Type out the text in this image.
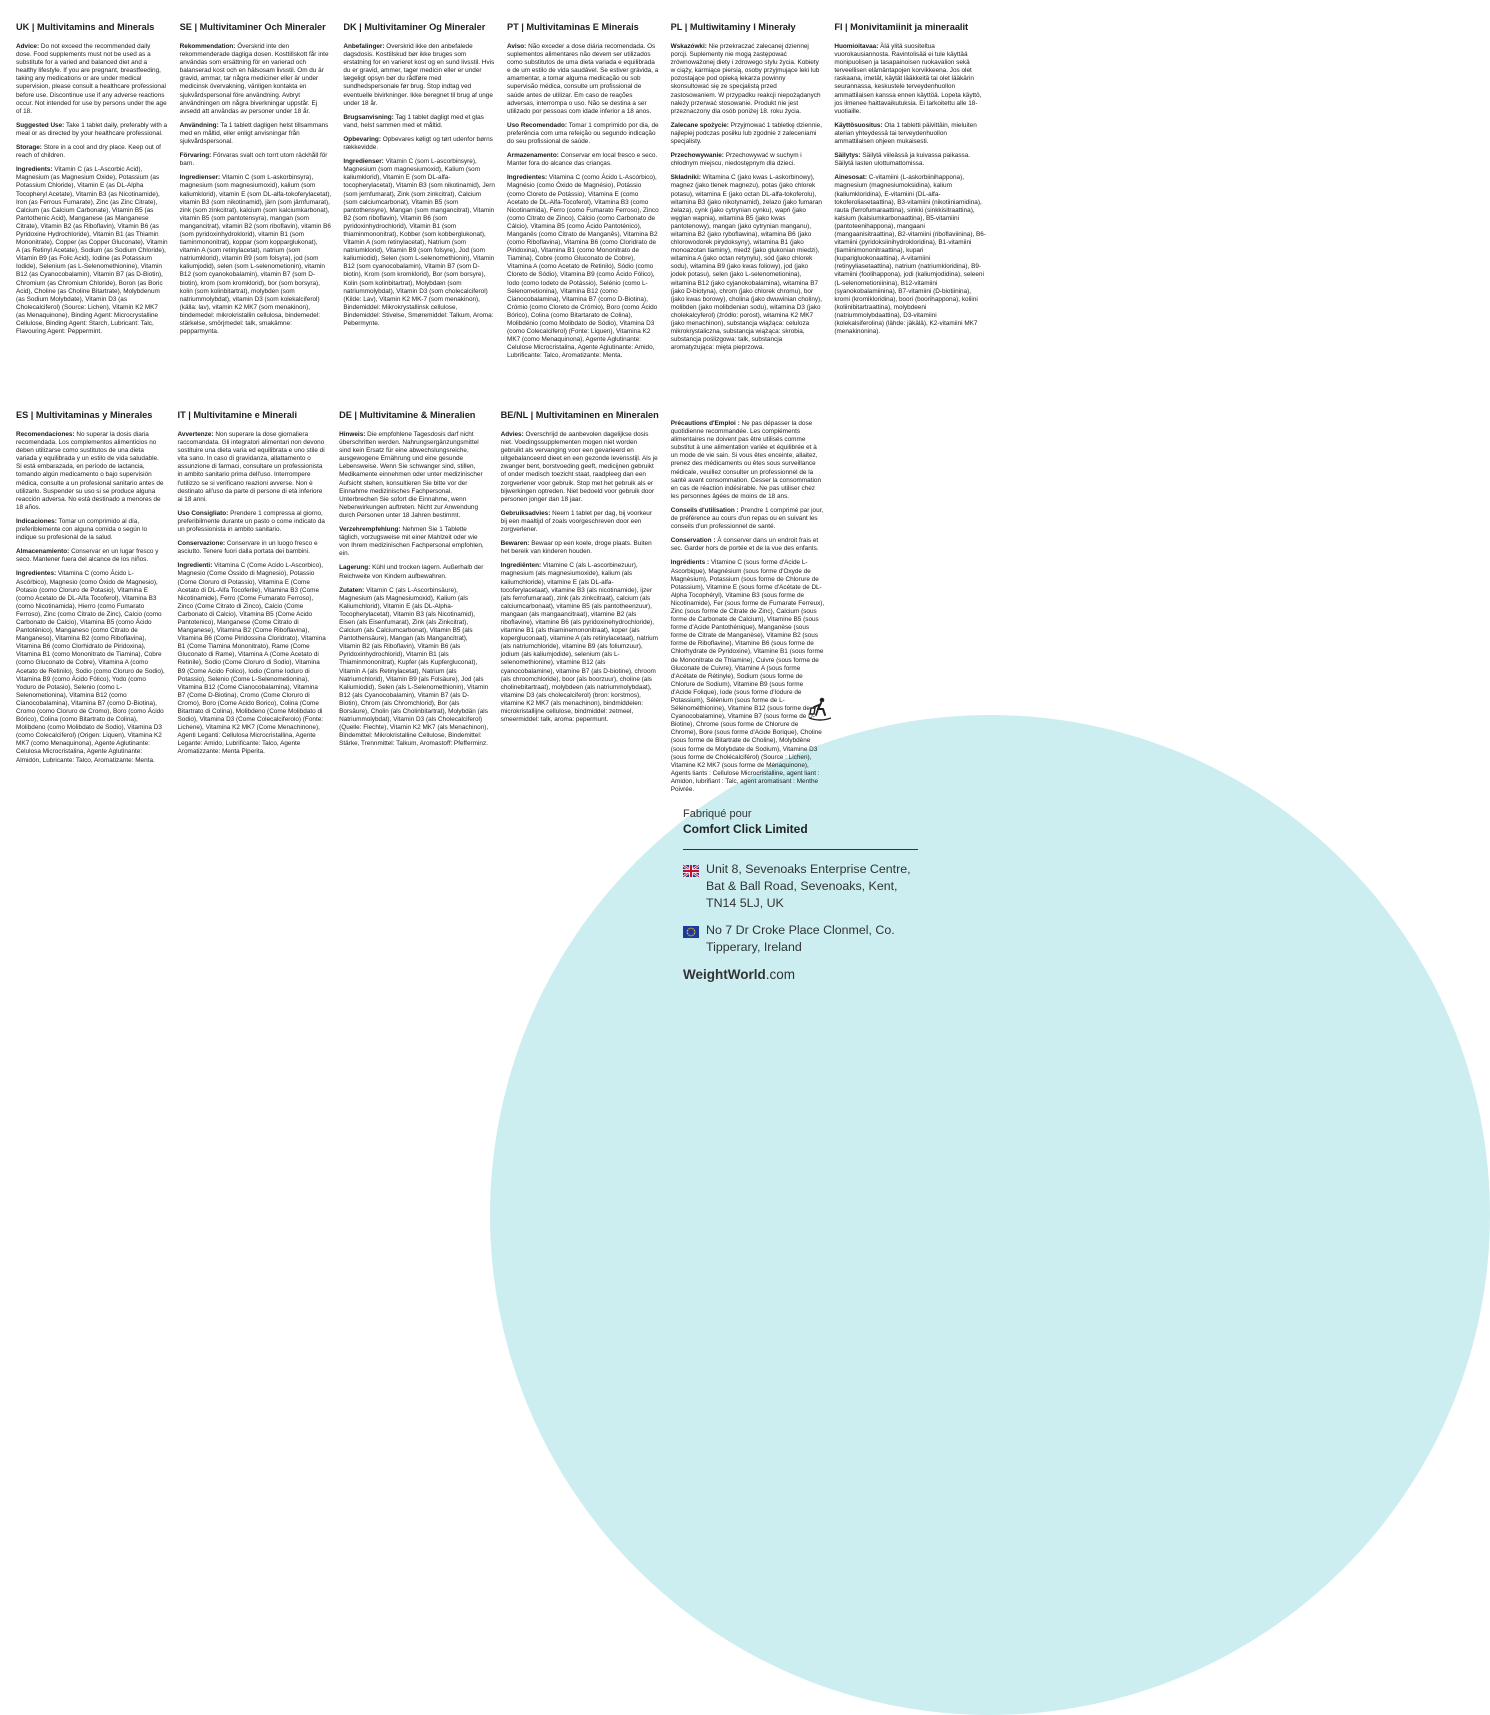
UK | Multivitamins and Minerals
Advice: Do not exceed the recommended daily dose. Food supplements must not be used as a substitute for a varied and balanced diet and a healthy lifestyle. If you are pregnant, breastfeeding, taking any medications or are under medical supervision, please consult a healthcare professional before use. Discontinue use if any adverse reactions occur. Not intended for use by persons under the age of 18.
Suggested Use: Take 1 tablet daily, preferably with a meal or as directed by your healthcare professional.
Storage: Store in a cool and dry place. Keep out of reach of children.
Ingredients: Vitamin C (as L-Ascorbic Acid), Magnesium (as Magnesium Oxide), Potassium (as Potassium Chloride), Vitamin E (as DL-Alpha Tocopheryl Acetate), Vitamin B3 (as Nicotinamide), Iron (as Ferrous Fumarate), Zinc (as Zinc Citrate), Calcium (as Calcium Carbonate), Vitamin B5 (as Pantothenic Acid), Manganese (as Manganese Citrate), Vitamin B2 (as Riboflavin), Vitamin B6 (as Pyridoxine Hydrochloride), Vitamin B1 (as Thiamin Mononitrate), Copper (as Copper Gluconate), Vitamin A (as Retinyl Acetate), Sodium (as Sodium Chloride), Vitamin B9 (as Folic Acid), Iodine (as Potassium Iodide), Selenium (as L-Selenomethionine), Vitamin B12 (as Cyanocobalamin), Vitamin B7 (as D-Biotin), Chromium (as Chromium Chloride), Boron (as Boric Acid), Choline (as Choline Bitartrate), Molybdenum (as Sodium Molybdate), Vitamin D3 (as Cholecalciferol) (Source: Lichen), Vitamin K2 MK7 (as Menaquinone), Binding Agent: Microcrystalline Cellulose, Binding Agent: Starch, Lubricant: Talc, Flavouring Agent: Peppermint.
SE | Multivitaminer Och Mineraler
Rekommendation: Överskrid inte den rekommenderade dagliga dosen. Kosttillskott får inte användas som ersättning för en varierad och balanserad kost och en hälsosam livsstil. Om du är gravid, ammar, tar några mediciner eller är under medicinsk övervakning, vänligen kontakta en sjukvårdspersonal före användning. Avbryt användningen om några biverkningar uppstår. Ej avsedd att användas av personer under 18 år.
Användning: Ta 1 tablett dagligen helst tillsammans med en måltid, eller enligt anvisningar från sjukvårdspersonal.
Förvaring: Förvaras svalt och torrt utom räckhåll för barn.
Ingredienser: Vitamin C (som L-askorbinsyra), magnesium (som magnesiumoxid), kalium (som kaliumklorid), vitamin E (som DL-alfa-tokoferylacetat), vitamin B3 (som nikotinamid), järn (som järnfumarat), zink (som zinkcitrat), kalcium (som kalciumkarbonat), vitamin B5 (som pantotensyra), mangan (som mangancitrat), vitamin B2 (som riboflavin), vitamin B6 (som pyridoxinhydroklorid), vitamin B1 (som tiaminmononitrat), koppar (som kopparglukonat), vitamin A (som retinylacetat), natrium (som natriumklorid), vitamin B9 (som folsyra), jod (som kaliumjodid), selen (som L-selenometionin), vitamin B12 (som cyanokobalamin), vitamin B7 (som D-biotin), krom (som kromklorid), bor (som borsyra), kolin (som kolinbitartrat), molybden (som natriummolybdat), vitamin D3 (som kolekalciferol) (källa: lav), vitamin K2 MK7 (som menakinon), bindemedel: mikrokristallin cellulosa, bindemedel: stärkelse, smörjmedel: talk, smakämne: pepparmynta.
DK | Multivitaminer Og Mineraler
Anbefalinger: Overskrid ikke den anbefalede dagsdosis. Kosttilskud bør ikke bruges som erstatning for en varieret kost og en sund livsstil. Hvis du er gravid, ammer, tager medicin eller er under lægeligt opsyn bør du rådføre med sundhedspersonale før brug. Stop indtag ved eventuelle bivirkninger. Ikke beregnet til brug af unge under 18 år.
Brugsanvisning: Tag 1 tablet dagligt med et glas vand, helst sammen med et måltid.
Opbevaring: Opbevares køligt og tørt udenfor børns rækkevidde.
Ingredienser: Vitamin C (som L-ascorbinsyre), Magnesium (som magnesiumoxid), Kalium (som kaliumklorid), Vitamin E (som DL-alfa-tocopherylacetat), Vitamin B3 (som nikotinamid), Jern (som jernfumarat), Zink (som zinkcitrat), Calcium (som calciumcarbonat), Vitamin B5 (som pantothensyre), Mangan (som mangancitrat), Vitamin B2 (som riboflavin), Vitamin B6 (som pyridoxinhydrochlorid), Vitamin B1 (som thiaminmononitrat), Kobber (som kobberglukonat), Vitamin A (som retinylacetat), Natrium (som natriumklorid), Vitamin B9 (som folsyre), Jod (som kaliumiodid), Selen (som L-selenomethionin), Vitamin B12 (som cyanocobalamin), Vitamin B7 (som D-biotin), Krom (som kromklorid), Bor (som borsyre), Kolin (som kolinbitartrat), Molybdæn (som natriummolybdat), Vitamin D3 (som cholecalciferol) (Kilde: Lav), Vitamin K2 MK-7 (som menakinon), Bindemiddel: Mikrokrystallinsk cellulose, Bindemiddel: Stivelse, Smøremiddel: Talkum, Aroma: Pebermynte.
PT | Multivitaminas E Minerais
Aviso: Não exceder a dose diária recomendada. Os suplementos alimentares não devem ser utilizados como substitutos de uma dieta variada e equilibrada e de um estilo de vida saudável. Se estiver grávida, a amamentar, a tomar alguma medicação ou sob supervisão médica, consulte um profissional de saúde antes de utilizar. Em caso de reações adversas, interrompa o uso. Não se destina a ser utilizado por pessoas com idade inferior a 18 anos.
Uso Recomendado: Tomar 1 comprimido por dia, de preferência com uma refeição ou segundo indicação do seu profissional de saúde.
Armazenamento: Conservar em local fresco e seco. Manter fora do alcance das crianças.
Ingredientes: Vitamina C (como Ácido L-Ascórbico), Magnésio (como Óxido de Magnésio), Potássio (como Cloreto de Potássio), Vitamina E (como Acetato de DL-Alfa-Tocoferol), Vitamina B3 (como Nicotinamida), Ferro (como Fumarato Ferroso), Zinco (como Citrato de Zinco), Cálcio (como Carbonato de Cálcio), Vitamina B5 (como Ácido Pantoténico), Manganês (como Citrato de Manganês), Vitamina B2 (como Riboflavina), Vitamina B6 (como Cloridrato de Piridoxina), Vitamina B1 (como Mononitrato de Tiamina), Cobre (como Gluconato de Cobre), Vitamina A (como Acetato de Retinilo), Sódio (como Cloreto de Sódio), Vitamina B9 (como Ácido Fólico), Iodo (como Iodeto de Potássio), Selénio (como L-Selenometionina), Vitamina B12 (como Cianocobalamina), Vitamina B7 (como D-Biotina), Crómio (como Cloreto de Crómio), Boro (como Ácido Bórico), Colina (como Bitartarato de Colina), Molibdénio (como Molibdato de Sódio), Vitamina D3 (como Colecalciferol) (Fonte: Líquen), Vitamina K2 MK7 (como Menaquinona), Agente Aglutinante: Celulose Microcristalina, Agente Aglutinante: Amido, Lubrificante: Talco, Aromatizante: Menta.
PL | Multiwitaminy I Minerały
Wskazówki: Nie przekraczać zalecanej dziennej porcji. Suplementy nie mogą zastępować zrównoważonej diety i zdrowego stylu życia. Kobiety w ciąży, karmiące piersią, osoby przyjmujące leki lub pozostające pod opieką lekarza powinny skonsultować się ze specjalistą przed zastosowaniem. W przypadku reakcji niepożądanych należy przerwać stosowanie. Produkt nie jest przeznaczony dla osób poniżej 18. roku życia.
Zalecane spożycie: Przyjmować 1 tabletkę dziennie, najlepiej podczas posiłku lub zgodnie z zaleceniami specjalisty.
Przechowywanie: Przechowywać w suchym i chłodnym miejscu, niedostępnym dla dzieci.
Składniki: Witamina C (jako kwas L-askorbinowy), magnez (jako tlenek magnezu), potas (jako chlorek potasu), witamina E (jako octan DL-alfa-tokoferolu), witamina B3 (jako nikotynamid), żelazo (jako fumaran żelaza), cynk (jako cytrynian cynku), wapń (jako węglan wapnia), witamina B5 (jako kwas pantotenowy), mangan (jako cytrynian manganu), witamina B2 (jako ryboflawina), witamina B6 (jako chlorowodorek pirydoksyny), witamina B1 (jako monoazotan tiaminy), miedź (jako glukonian miedzi), witamina A (jako octan retynylu), sód (jako chlorek sodu), witamina B9 (jako kwas foliowy), jod (jako jodek potasu), selen (jako L-selenometionina), witamina B12 (jako cyjanokobalamina), witamina B7 (jako D-biotyna), chrom (jako chlorek chromu), bor (jako kwas borowy), cholina (jako dwuwinian choliny), molibden (jako molibdenian sodu), witamina D3 (jako cholekalcyferol) (źródło: porost), witamina K2 MK7 (jako menachinon), substancja wiążąca: celuloza mikrokrystaliczna, substancja wiążąca: skrobia, substancja poślizgowa: talk, substancja aromatyzująca: mięta pieprzowa.
FI | Monivitamiinit ja mineraalit
Huomioitavaa: Älä ylitä suositeltua vuorokausiannosta. Ravintolisää ei tule käyttää monipuolisen ja tasapainoisen ruokavalion sekä terveellisen elämäntapojen korvikkeena. Jos olet raskaana, imetät, käytät lääkkeitä tai olet lääkärin seurannassa, keskustele terveydenhuollon ammattilaisen kanssa ennen käyttöä. Lopeta käyttö, jos ilmenee haittavaikutuksia. Ei tarkoitettu alle 18-vuotiaille.
Käyttösuositus: Ota 1 tabletti päivittäin, mieluiten aterian yhteydessä tai terveydenhuollon ammattilaisen ohjeen mukaisesti.
Säilytys: Säilytä viileässä ja kuivassa paikassa. Säilytä lasten ulottumattomissa.
Ainesosat: C-vitamiini (L-askorbiinihappona), magnesium (magnesiumoksidina), kalium (kaliumkloridina), E-vitamiini (DL-alfa-tokoferoliasetaattina), B3-vitamiini (nikotiiniamidina), rauta (ferrofumaraattina), sinkki (sinkkisitraattina), kalsium (kalsiumkarbonaattina), B5-vitamiini (pantoteenihappona), mangaani (mangaanisitraattina), B2-vitamiini (riboflaviinina), B6-vitamiini (pyridoksiinihydrokloridina), B1-vitamiini (tiamiinimononitraattina), kupari (kuparigluokonaattina), A-vitamiini (retinyyliasetaattina), natrium (natriumkloridina), B9-vitamiini (foolihappona), jodi (kaliumjodidina), seleeni (L-selenometioniinina), B12-vitamiini (syanokobalamiinina), B7-vitamiini (D-biotiinina), kromi (kromikloridina), boori (boorihappona), koliini (koliinibitartraattina), molybdeeni (natriummolybdaattina), D3-vitamiini (kolekalsiferolina) (lähde: jäkälä), K2-vitamiini MK7 (menakinonina).
ES | Multivitaminas y Minerales
Recomendaciones: No superar la dosis diaria recomendada. Los complementos alimenticios no deben utilizarse como sustitutos de una dieta variada y equilibrada y un estilo de vida saludable. Si está embarazada, en período de lactancia, tomando algún medicamento o bajo supervisión médica, consulte a un profesional sanitario antes de utilizarlo. Suspender su uso si se produce alguna reacción adversa. No está destinado a menores de 18 años.
Indicaciones: Tomar un comprimido al día, preferiblemente con alguna comida o según lo indique su profesional de la salud.
Almacenamiento: Conservar en un lugar fresco y seco. Mantener fuera del alcance de los niños.
Ingredientes: Vitamina C (como Ácido L-Ascórbico), Magnesio (como Óxido de Magnesio), Potasio (como Cloruro de Potasio), Vitamina E (como Acetato de DL-Alfa Tocoferol), Vitamina B3 (como Nicotinamida), Hierro (como Fumarato Ferroso), Zinc (como Citrato de Zinc), Calcio (como Carbonato de Calcio), Vitamina B5 (como Ácido Pantoténico), Manganeso (como Citrato de Manganeso), Vitamina B2 (como Riboflavina), Vitamina B6 (como Clorhidrato de Piridoxina), Vitamina B1 (como Mononitrato de Tiamina), Cobre (como Gluconato de Cobre), Vitamina A (como Acetato de Retinilo), Sodio (como Cloruro de Sodio), Vitamina B9 (como Ácido Fólico), Yodo (como Yoduro de Potasio), Selenio (como L-Selenometionina), Vitamina B12 (como Cianocobalamina), Vitamina B7 (como D-Biotina), Cromo (como Cloruro de Cromo), Boro (como Ácido Bórico), Colina (como Bitartrato de Colina), Molibdeno (como Molibdato de Sodio), Vitamina D3 (como Colecalciferol) (Origen: Liquen), Vitamina K2 MK7 (como Menaquinona), Agente Aglutinante: Celulosa Microcristalina, Agente Aglutinante: Almidón, Lubricante: Talco, Aromatizante: Menta.
IT | Multivitamine e Minerali
Avvertenze: Non superare la dose giornaliera raccomandata. Gli integratori alimentari non devono sostituire una dieta varia ed equilibrata e uno stile di vita sano. In caso di gravidanza, allattamento o assunzione di farmaci, consultare un professionista in ambito sanitario prima dell'uso. Interrompere l'utilizzo se si verificano reazioni avverse. Non è destinato all'uso da parte di persone di età inferiore ai 18 anni.
Uso Consigliato: Prendere 1 compressa al giorno, preferibilmente durante un pasto o come indicato da un professionista in ambito sanitario.
Conservazione: Conservare in un luogo fresco e asciutto. Tenere fuori dalla portata dei bambini.
Ingredienti: Vitamina C (Come Acido L-Ascorbico), Magnesio (Come Ossido di Magnesio), Potassio (Come Cloruro di Potassio), Vitamina E (Come Acetato di DL-Alfa Tocoferile), Vitamina B3 (Come Nicotinamide), Ferro (Come Fumarato Ferroso), Zinco (Come Citrato di Zinco), Calcio (Come Carbonato di Calcio), Vitamina B5 (Come Acido Pantotenico), Manganese (Come Citrato di Manganese), Vitamina B2 (Come Riboflavina), Vitamina B6 (Come Piridossina Cloridrato), Vitamina B1 (Come Tiamina Mononitrato), Rame (Come Gluconato di Rame), Vitamina A (Come Acetato di Retinile), Sodio (Come Cloruro di Sodio), Vitamina B9 (Come Acido Folico), Iodio (Come Ioduro di Potassio), Selenio (Come L-Selenometionina), Vitamina B12 (Come Cianocobalamina), Vitamina B7 (Come D-Biotina), Cromo (Come Cloruro di Cromo), Boro (Come Acido Borico), Colina (Come Bitartrato di Colina), Molibdeno (Come Molibdato di Sodio), Vitamina D3 (Come Colecalciferolo) (Fonte: Lichene), Vitamina K2 MK7 (Come Menachinone), Agenti Leganti: Cellulosa Microcristallina, Agente Legante: Amido, Lubrificante: Talco, Agente Aromatizzante: Menta Piperita.
DE | Multivitamine & Mineralien
Hinweis: Die empfohlene Tagesdosis darf nicht überschritten werden. Nahrungsergänzungsmittel sind kein Ersatz für eine abwechslungsreiche, ausgewogene Ernährung und eine gesunde Lebensweise. Wenn Sie schwanger sind, stillen, Medikamente einnehmen oder unter medizinischer Aufsicht stehen, konsultieren Sie bitte vor der Einnahme medizinisches Fachpersonal. Unterbrechen Sie sofort die Einnahme, wenn Nebenwirkungen auftreten. Nicht zur Anwendung durch Personen unter 18 Jahren bestimmt.
Verzehrempfehlung: Nehmen Sie 1 Tablette täglich, vorzugsweise mit einer Mahlzeit oder wie von Ihrem medizinischen Fachpersonal empfohlen, ein.
Lagerung: Kühl und trocken lagern. Außerhalb der Reichweite von Kindern aufbewahren.
Zutaten: Vitamin C (als L-Ascorbinsäure), Magnesium (als Magnesiumoxid), Kalium (als Kaliumchlorid), Vitamin E (als DL-Alpha-Tocopherylacetat), Vitamin B3 (als Nicotinamid), Eisen (als Eisenfumarat), Zink (als Zinkcitrat), Calcium (als Calciumcarbonat), Vitamin B5 (als Pantothensäure), Mangan (als Mangancitrat), Vitamin B2 (als Riboflavin), Vitamin B6 (als Pyridoxinhydrochlorid), Vitamin B1 (als Thiaminmononitrat), Kupfer (als Kupfergluconat), Vitamin A (als Retinylacetat), Natrium (als Natriumchlorid), Vitamin B9 (als Folsäure), Jod (als Kaliumiodid), Selen (als L-Selenomethionin), Vitamin B12 (als Cyanocobalamin), Vitamin B7 (als D-Biotin), Chrom (als Chromchlorid), Bor (als Borsäure), Cholin (als Cholinbitartrat), Molybdän (als Natriummolybdat), Vitamin D3 (als Cholecalciferol) (Quelle: Flechte), Vitamin K2 MK7 (als Menachinon), Bindemittel: Mikrokristalline Cellulose, Bindemittel: Stärke, Trennmittel: Talkum, Aromastoff: Pfefferminz.
BE/NL | Multivitaminen en Mineralen
Advies: Overschrijd de aanbevolen dagelijkse dosis niet. Voedingssupplementen mogen niet worden gebruikt als vervanging voor een gevarieerd en uitgebalanceerd dieet en een gezonde levensstijl. Als je zwanger bent, borstvoeding geeft, medicijnen gebruikt of onder medisch toezicht staat, raadpleeg dan een zorgverlener voor gebruik. Stop met het gebruik als er bijwerkingen optreden. Niet bedoeld voor gebruik door personen jonger dan 18 jaar.
Gebruiksadvies: Neem 1 tablet per dag, bij voorkeur bij een maaltijd of zoals voorgeschreven door een zorgverlener.
Bewaren: Bewaar op een koele, droge plaats. Buiten het bereik van kinderen houden.
Ingrediënten: Vitamine C (als L-ascorbinezuur), magnesium (als magnesiumoxide), kalium (als kaliumchloride), vitamine E (als DL-alfa-tocoferylacetaat), vitamine B3 (als nicotinamide), ijzer (als ferrofumaraat), zink (als zinkcitraat), calcium (als calciumcarbonaat), vitamine B5 (als pantotheenzuur), mangaan (als mangaancitraat), vitamine B2 (als riboflavine), vitamine B6 (als pyridoxinehydrochloride), vitamine B1 (als thiaminemononitraat), koper (als kopergluconaat), vitamine A (als retinylacetaat), natrium (als natriumchloride), vitamine B9 (als foliumzuur), jodium (als kaliumjodide), selenium (als L-selenomethionine), vitamine B12 (als cyanocobalamine), vitamine B7 (als D-biotine), chroom (als chroomchloride), boor (als boorzuur), choline (als cholinebitartraat), molybdeen (als natriummolybdaat), vitamine D3 (als cholecalciferol) (bron: korstmos), vitamine K2 MK7 (als menachinon), bindmiddelen: microkristallijne cellulose, bindmiddel: zetmeel, smeermiddel: talk, aroma: pepermunt.
Précautions d'Emploi : Ne pas dépasser la dose quotidienne recommandée. Les compléments alimentaires ne doivent pas être utilisés comme substitut à une alimentation variée et équilibrée et à un mode de vie sain. Si vous êtes enceinte, allaitez, prenez des médicaments ou êtes sous surveillance médicale, veuillez consulter un professionnel de la santé avant consommation. Cesser la consommation en cas de réaction indésirable. Ne pas utiliser chez les personnes âgées de moins de 18 ans.
Conseils d'utilisation : Prendre 1 comprimé par jour, de préférence au cours d'un repas ou en suivant les conseils d'un professionnel de santé.
Conservation : À conserver dans un endroit frais et sec. Garder hors de portée et de la vue des enfants.
Ingrédients : Vitamine C (sous forme d'Acide L-Ascorbique), Magnésium (sous forme d'Oxyde de Magnésium), Potassium (sous forme de Chlorure de Potassium), Vitamine E (sous forme d'Acétate de DL-Alpha Tocophéryl), Vitamine B3 (sous forme de Nicotinamide), Fer (sous forme de Fumarate Ferreux), Zinc (sous forme de Citrate de Zinc), Calcium (sous forme de Carbonate de Calcium), Vitamine B5 (sous forme d'Acide Pantothénique), Manganèse (sous forme de Citrate de Manganèse), Vitamine B2 (sous forme de Riboflavine), Vitamine B6 (sous forme de Chlorhydrate de Pyridoxine), Vitamine B1 (sous forme de Mononitrate de Thiamine), Cuivre (sous forme de Gluconate de Cuivre), Vitamine A (sous forme d'Acétate de Rétinyle), Sodium (sous forme de Chlorure de Sodium), Vitamine B9 (sous forme d'Acide Folique), Iode (sous forme d'Iodure de Potassium), Sélénium (sous forme de L-Sélénométhionine), Vitamine B12 (sous forme de Cyanocobalamine), Vitamine B7 (sous forme de D-Biotine), Chrome (sous forme de Chlorure de Chrome), Bore (sous forme d'Acide Borique), Choline (sous forme de Bitartrate de Choline), Molybdène (sous forme de Molybdate de Sodium), Vitamine D3 (sous forme de Cholécalciférol) (Source : Lichen), Vitamine K2 MK7 (sous forme de Ménaquinone), Agents liants : Cellulose Microcristalline, agent liant : Amidon, lubrifiant : Talc, agent aromatisant : Menthe Poivrée.
Fabriqué pour
Comfort Click Limited
Unit 8, Sevenoaks Enterprise Centre, Bat & Ball Road, Sevenoaks, Kent, TN14 5LJ, UK
No 7 Dr Croke Place Clonmel, Co. Tipperary, Ireland
WeightWorld.com
